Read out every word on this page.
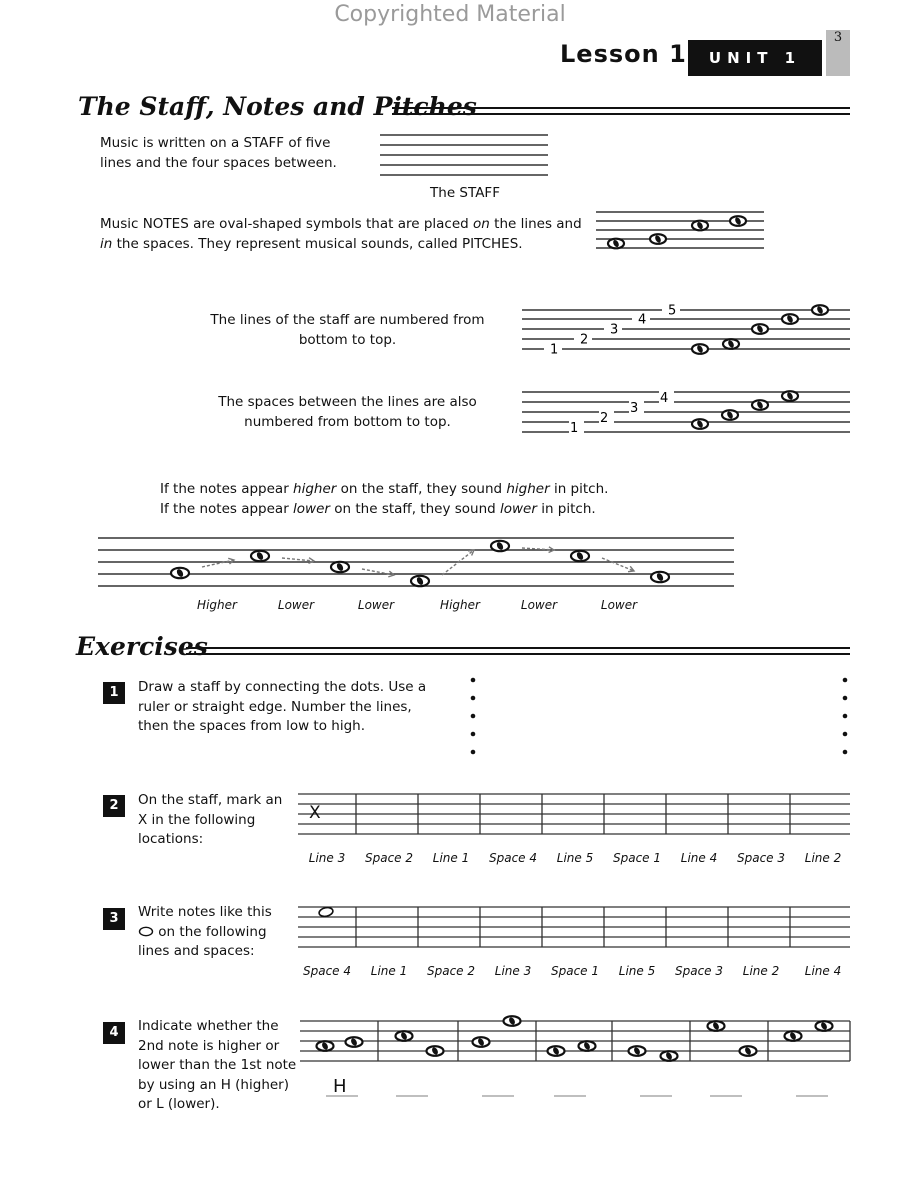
Copyrighted Material
Lesson 1	UNIT 1
3
The Staff, Notes and Pitches
Music is written on a STAFF of five lines and the four spaces between.
The STAFF
Music NOTES are oval-shaped symbols that are placed on the lines and in the spaces. They represent musical sounds, called PITCHES.
The lines of the staff are numbered from bottom to top.
1
2
3
4
5
The spaces between the lines are also numbered from bottom to top.	1
2
3
4
If the notes appear higher on the staff, they sound higher in pitch.
If the notes appear lower on the staff, they sound lower in pitch.
Higher	Lower	Lower	Higher	Lower	Lower
Exercises
1	Draw a staff by connecting the dots. Use a ruler or straight edge. Number the lines, then the spaces from low to high.
2	On the staff, mark an X in the following locations:
X
Line 3	Space 2	Line 1	Space 4	Line 5	Space 1	Line 4	Space 3	Line 2
3	Write notes like this  on the following lines and spaces:
Space 4	Line 1	Space 2	Line 3	Space 1	Line 5	Space 3	Line 2	Line 4
4	Indicate whether the 2nd note is higher or lower than the 1st note by using an H (higher) or L (lower).
H
